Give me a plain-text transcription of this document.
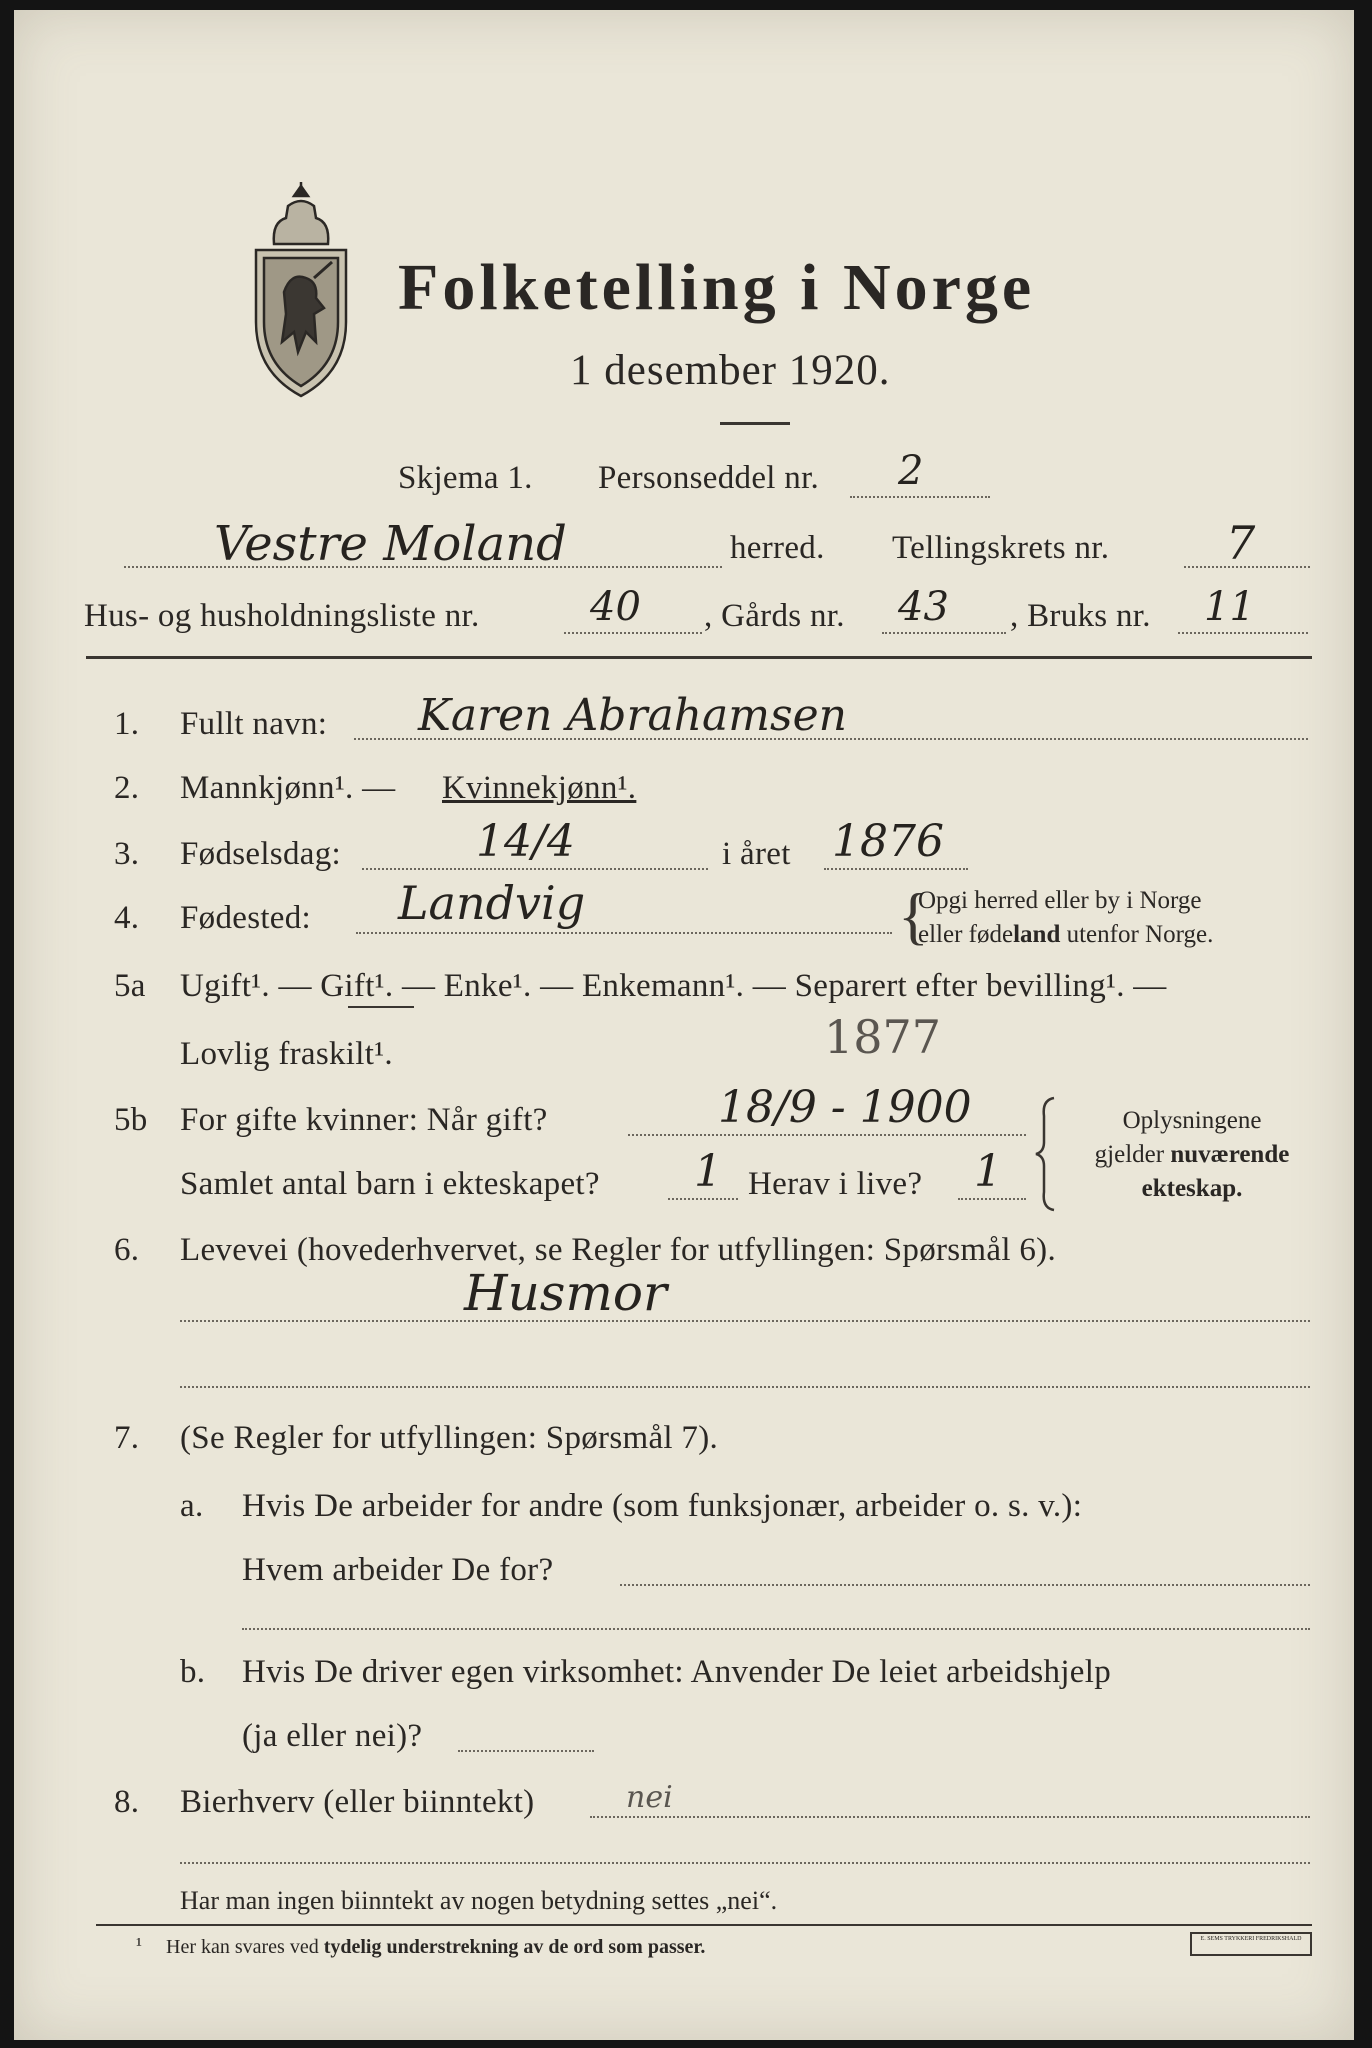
Folketelling i Norge
1 desember 1920.
Skjema 1. Personseddel nr. 2
Vestre Moland	herred. Tellingskrets nr.	7
Hus- og husholdningsliste nr.	40 , Gårds nr. 43 , Bruks nr. 11
1. Fullt navn: Karen Abrahamsen
2. Mannkjønn¹. — Kvinnekjønn¹.
3. Fødselsdag:	14/4	i året 1876
4. Fødested: Landvig	{
Opgi herred eller by i Norge
eller fødeland utenfor Norge.
5a Ugift¹. — Gift¹. — Enke¹. — Enkemann¹. — Separert efter bevilling¹. —
Lovlig fraskilt¹.	1877
5b For gifte kvinner: Når gift?	18/9 - 1900
Samlet antal barn i ekteskapet? 1 Herav i live? 1
Oplysningene
gjelder nuværende
ekteskap.
6. Levevei (hovederhvervet, se Regler for utfyllingen: Spørsmål 6).
Husmor
7. (Se Regler for utfyllingen: Spørsmål 7).
a. Hvis De arbeider for andre (som funksjonær, arbeider o. s. v.):
Hvem arbeider De for?
b. Hvis De driver egen virksomhet: Anvender De leiet arbeidshjelp
(ja eller nei)?
8. Bierhverv (eller biinntekt)	nei
Har man ingen biinntekt av nogen betydning settes „nei“.
¹ Her kan svares ved tydelig understrekning av de ord som passer.	E. SEMS TRYKKERI FREDRIKSHALD
